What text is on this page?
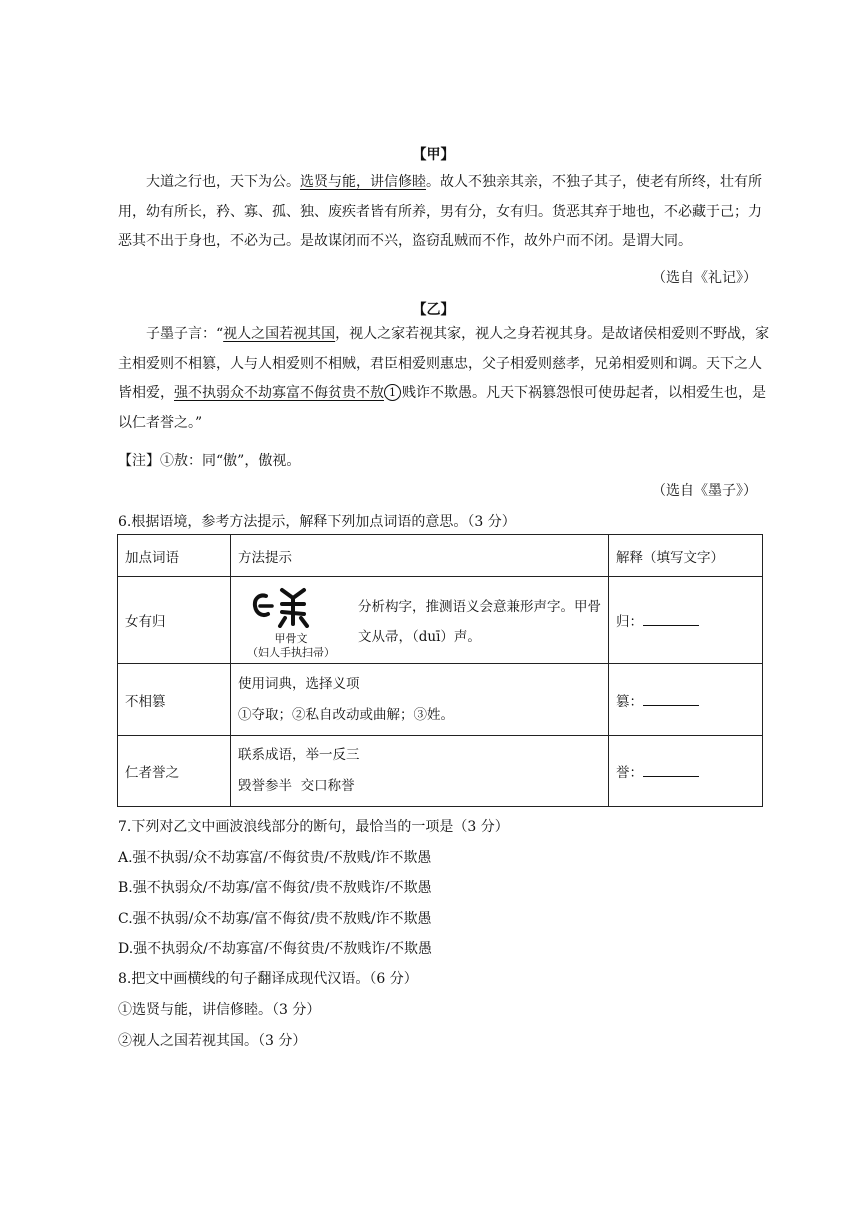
【甲】
大道之行也，天下为公。选贤与能，讲信修睦。故人不独亲其亲，不独子其子，使老有所终，壮有所
用，幼有所长，矜、寡、孤、独、废疾者皆有所养，男有分，女有归。货恶其弃于地也，不必藏于己；力
恶其不出于身也，不必为己。是故谋闭而不兴，盗窃乱贼而不作，故外户而不闭。是谓大同。
（选自《礼记》）
【乙】
子墨子言：“视人之国若视其国，视人之家若视其家，视人之身若视其身。是故诸侯相爱则不野战，家
主相爱则不相篡，人与人相爱则不相贼，君臣相爱则惠忠，父子相爱则慈孝，兄弟相爱则和调。天下之人
皆相爱，强不执弱众不劫寡富不侮贫贵不敖 1 贱诈不欺愚。凡天下祸篡怨恨可使毋起者，以相爱生也，是
以仁者誉之。”
【注】①敖：同“傲”，傲视。
（选自《墨子》）
6.根据语境，参考方法提示，解释下列加点词语的意思。（3 分）
加点词语	方法提示	解释（填写文字）
女有归	甲骨文
（妇人手执扫帚）
分析构字，推测语义会意兼形声字。甲骨
文从帚，（duī）声。	归：
不相篡	使用词典，选择义项
①夺取；②私自改动或曲解；③姓。	篡：
仁者誉之	联系成语，举一反三
毁誉参半  交口称誉	誉：
7.下列对乙文中画波浪线部分的断句，最恰当的一项是（3 分）
A.强不执弱/众不劫寡富/不侮贫贵/不敖贱/诈不欺愚
B.强不执弱众/不劫寡/富不侮贫/贵不敖贱诈/不欺愚
C.强不执弱/众不劫寡/富不侮贫/贵不敖贱/诈不欺愚
D.强不执弱众/不劫寡富/不侮贫贵/不敖贱诈/不欺愚
8.把文中画横线的句子翻译成现代汉语。（6 分）
①选贤与能，讲信修睦。（3 分）
②视人之国若视其国。（3 分）
